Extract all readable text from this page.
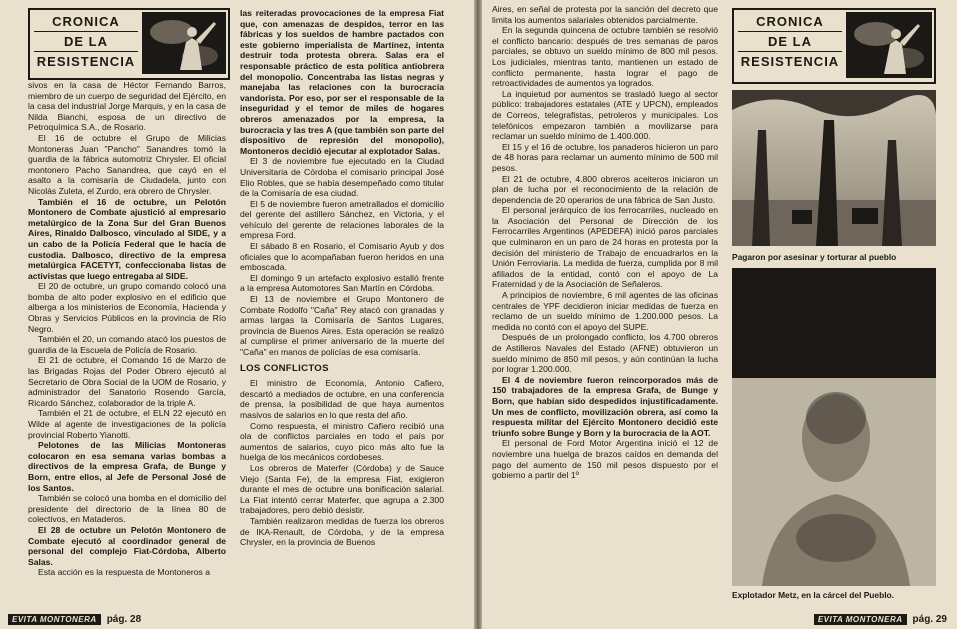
CRONICA
DE LA
RESISTENCIA

sivos en la casa de Héctor Fernando Barros, miembro de un cuerpo de seguridad del Ejército, en la casa del industrial Jorge Marquis, y en la casa de Nilda Bianchi, esposa de un directivo de Petroquímica S.A., de Rosario.

El 16 de octubre el Grupo de Milicias Montoneras Juan "Pancho" Sanandres tomó la guardia de la fábrica automotriz Chrysler. El oficial montonero Pacho Sanandrea, que cayó en el asalto a la comisaría de Ciudadela, junto con Nicolás Zuleta, el Zurdo, era obrero de Chrysler.

También el 16 de octubre, un Pelotón Montonero de Combate ajustició al empresario metalúrgico de la Zona Sur del Gran Buenos Aires, Rinaldo Dalbosco, vinculado al SIDE, y a un cabo de la Policía Federal que le hacía de custodia. Dalbosco, directivo de la empresa metalúrgica FACETYT, confeccionaba listas de activistas que luego entregaba al SIDE.

El 20 de octubre, un grupo comando colocó una bomba de alto poder explosivo en el edificio que alberga a los ministerios de Economía, Hacienda y Obras y Servicios Públicos en la provincia de Río Negro.

También el 20, un comando atacó los puestos de guardia de la Escuela de Policía de Rosario.

El 21 de octubre, el Comando 16 de Marzo de las Brigadas Rojas del Poder Obrero ejecutó al Secretario de Obra Social de la UOM de Rosario, y administrador del Sanatorio Rosendo García, Ricardo Sánchez, colaborador de la triple A.

También el 21 de octubre, el ELN 22 ejecutó en Wilde al agente de investigaciones de la policía provincial Roberto Yianotti.

Pelotones de las Milicias Montoneras colocaron en esa semana varias bombas a directivos de la empresa Grafa, de Bunge y Born, entre ellos, al Jefe de Personal José de los Santos.

También se colocó una bomba en el domicilio del presidente del directorio de la línea 80 de colectivos, en Mataderos.

El 28 de octubre un Pelotón Montonero de Combate ejecutó al coordinador general de personal del complejo Fiat-Córdoba, Alberto Salas.

Esta acción es la respuesta de Montoneros a

las reiteradas provocaciones de la empresa Fiat que, con amenazas de despidos, terror en las fábricas y los sueldos de hambre pactados con este gobierno imperialista de Martínez, intenta destruir toda protesta obrera. Salas era el responsable práctico de esta política antiobrera del monopolio. Concentraba las listas negras y manejaba las relaciones con la burocracia vandorista. Por eso, por ser el responsable de la inseguridad y el temor de miles de hogares obreros amenazados por la empresa, la burocracia y las tres A (que también son parte del dispositivo de represión del monopolio), Montoneros decidió ejecutar al explotador Salas.

El 3 de noviembre fue ejecutado en la Ciudad Universitaria de Córdoba el comisario principal José Elio Robles, que se había desempeñado como titular de la Comisaría de esa ciudad.

El 5 de noviembre fueron ametrallados el domicilio del gerente del astillero Sánchez, en Victoria, y el vehículo del gerente de relaciones laborales de la empresa Ford.

El sábado 8 en Rosario, el Comisario Ayub y dos oficiales que lo acompañaban fueron heridos en una emboscada.

El domingo 9 un artefacto explosivo estalló frente a la empresa Automotores San Martín en Córdoba.

El 13 de noviembre el Grupo Montonero de Combate Rodolfo "Caña" Rey atacó con granadas y armas largas la Comisaría de Santos Lugares, provincia de Buenos Aires. Esta operación se realizó al cumplirse el primer aniversario de la muerte del "Caña" en manos de policías de esa comisaría.

LOS CONFLICTOS

El ministro de Economía, Antonio Cafiero, descartó a mediados de octubre, en una conferencia de prensa, la posibilidad de que haya aumentos masivos de salarios en lo que resta del año.

Como respuesta, el ministro Cafiero recibió una ola de conflictos parciales en todo el país por aumentos de salarios, cuyo pico más alto fue la huelga de los mecánicos cordobeses.

Los obreros de Materfer (Córdoba) y de Sauce Viejo (Santa Fe), de la empresa Fiat, exigieron durante el mes de octubre una bonificación salarial. La Fiat intentó cerrar Materfer, que agrupa a 2.300 trabajadores, pero debió desistir.

También realizaron medidas de fuerza los obreros de IKA-Renault, de Córdoba, y de la empresa Chrysler, en la provincia de Buenos

EVITA MONTONERA	pág. 28

Aires, en señal de protesta por la sanción del decreto que limita los aumentos salariales obtenidos parcialmente.

En la segunda quincena de octubre también se resolvió el conflicto bancario: después de tres semanas de paros parciales, se obtuvo un sueldo mínimo de 800 mil pesos. Los judiciales, mientras tanto, mantienen un estado de conflicto permanente, hasta lograr el pago de retroactividades de aumentos ya logrados.

La inquietud por aumentos se trasladó luego al sector público: trabajadores estatales (ATE y UPCN), empleados de Correos, telegrafistas, petroleros y municipales. Los telefónicos empezaron también a movilizarse para reclamar un sueldo mínimo de 1.400.000.

El 15 y el 16 de octubre, los panaderos hicieron un paro de 48 horas para reclamar un aumento mínimo de 500 mil pesos.

El 21 de octubre, 4.800 obreros aceiteros iniciaron un plan de lucha por el reconocimiento de la relación de dependencia de 20 operarios de una fábrica de San Justo.

El personal jerárquico de los ferrocarriles, nucleado en la Asociación del Personal de Dirección de los Ferrocarriles Argentinos (APEDEFA) inició paros parciales que culminaron en un paro de 24 horas en protesta por la decisión del ministerio de Trabajo de encuadrarlos en la Unión Ferroviaria. La medida de fuerza, cumplida por 8 mil afiliados de la entidad, contó con el apoyo de La Fraternidad y de la Asociación de Señaleros.

A principios de noviembre, 6 mil agentes de las oficinas centrales de YPF decidieron iniciar medidas de fuerza en reclamo de un sueldo mínimo de 1.200.000 pesos. La medida no contó con el apoyo del SUPE.

Después de un prolongado conflicto, los 4.700 obreros de Astilleros Navales del Estado (AFNE) obtuvieron un sueldo mínimo de 850 mil pesos, y aún continúan la lucha por lograr 1.200.000.

El 4 de noviembre fueron reincorporados más de 150 trabajadores de la empresa Grafa, de Bunge y Born, que habían sido despedidos injustificadamente. Un mes de conflicto, movilización obrera, así como la respuesta militar del Ejército Montonero decidió este triunfo sobre Bunge y Born y la burocracia de la AOT.

El personal de Ford Motor Argentina inició el 12 de noviembre una huelga de brazos caídos en demanda del pago del aumento de 150 mil pesos dispuesto por el gobierno a partir del 1º

CRONICA
DE LA
RESISTENCIA
Pagaron por asesinar y torturar al pueblo
Explotador Metz, en la cárcel del Pueblo.
EVITA MONTONERA	pág. 29
